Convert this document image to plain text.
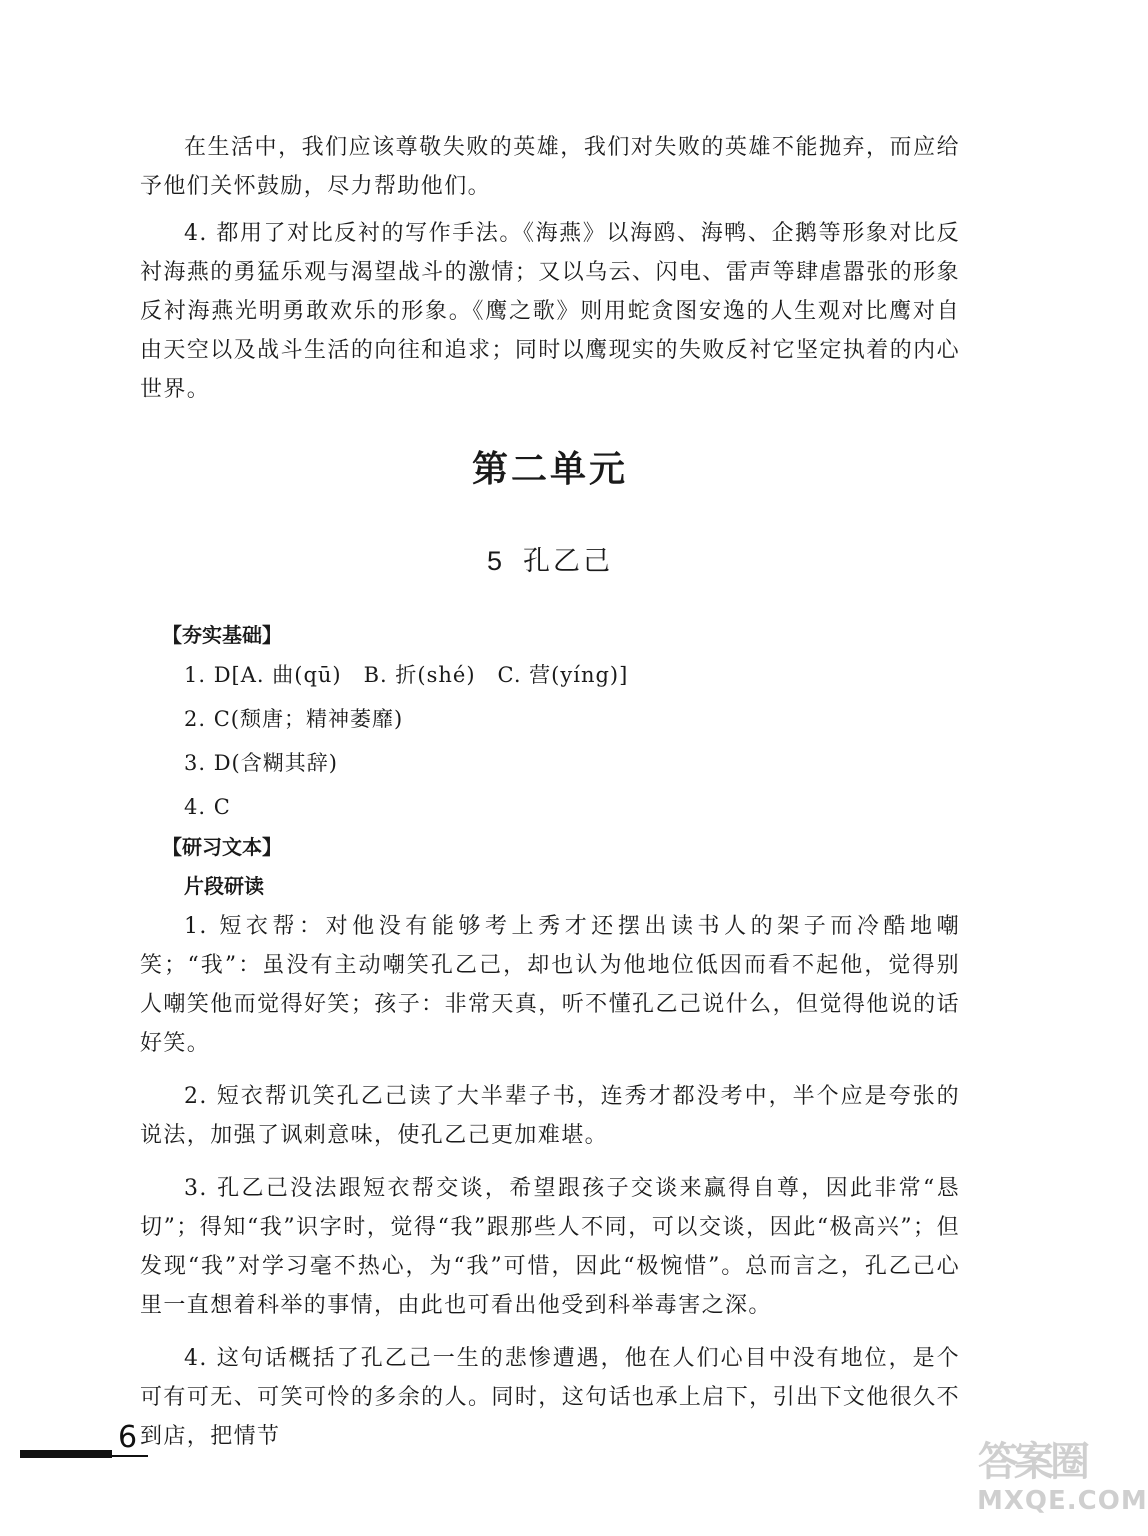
在生活中，我们应该尊敬失败的英雄，我们对失败的英雄不能抛弃，而应给予他们关怀鼓励，尽力帮助他们。

4. 都用了对比反衬的写作手法。《海燕》以海鸥、海鸭、企鹅等形象对比反衬海燕的勇猛乐观与渴望战斗的激情；又以乌云、闪电、雷声等肆虐嚣张的形象反衬海燕光明勇敢欢乐的形象。《鹰之歌》则用蛇贪图安逸的人生观对比鹰对自由天空以及战斗生活的向往和追求；同时以鹰现实的失败反衬它坚定执着的内心世界。

第二单元
5 孔乙己
【夯实基础】
1. D[A. 曲(qū)　B. 折(shé)　C. 营(yíng)]
2. C(颓唐；精神萎靡)
3. D(含糊其辞)
4. C
【研习文本】
片段研读

1. 短衣帮：对他没有能够考上秀才还摆出读书人的架子而冷酷地嘲笑；“我”：虽没有主动嘲笑孔乙己，却也认为他地位低因而看不起他，觉得别人嘲笑他而觉得好笑；孩子：非常天真，听不懂孔乙己说什么，但觉得他说的话好笑。

2. 短衣帮讥笑孔乙己读了大半辈子书，连秀才都没考中，半个应是夸张的说法，加强了讽刺意味，使孔乙己更加难堪。

3. 孔乙己没法跟短衣帮交谈，希望跟孩子交谈来赢得自尊，因此非常“恳切”；得知“我”识字时，觉得“我”跟那些人不同，可以交谈，因此“极高兴”；但发现“我”对学习毫不热心，为“我”可惜，因此“极惋惜”。总而言之，孔乙己心里一直想着科举的事情，由此也可看出他受到科举毒害之深。

4. 这句话概括了孔乙己一生的悲惨遭遇，他在人们心目中没有地位，是个可有可无、可笑可怜的多余的人。同时，这句话也承上启下，引出下文他很久不到店，把情节

6
答案圈
MXQE.COM
